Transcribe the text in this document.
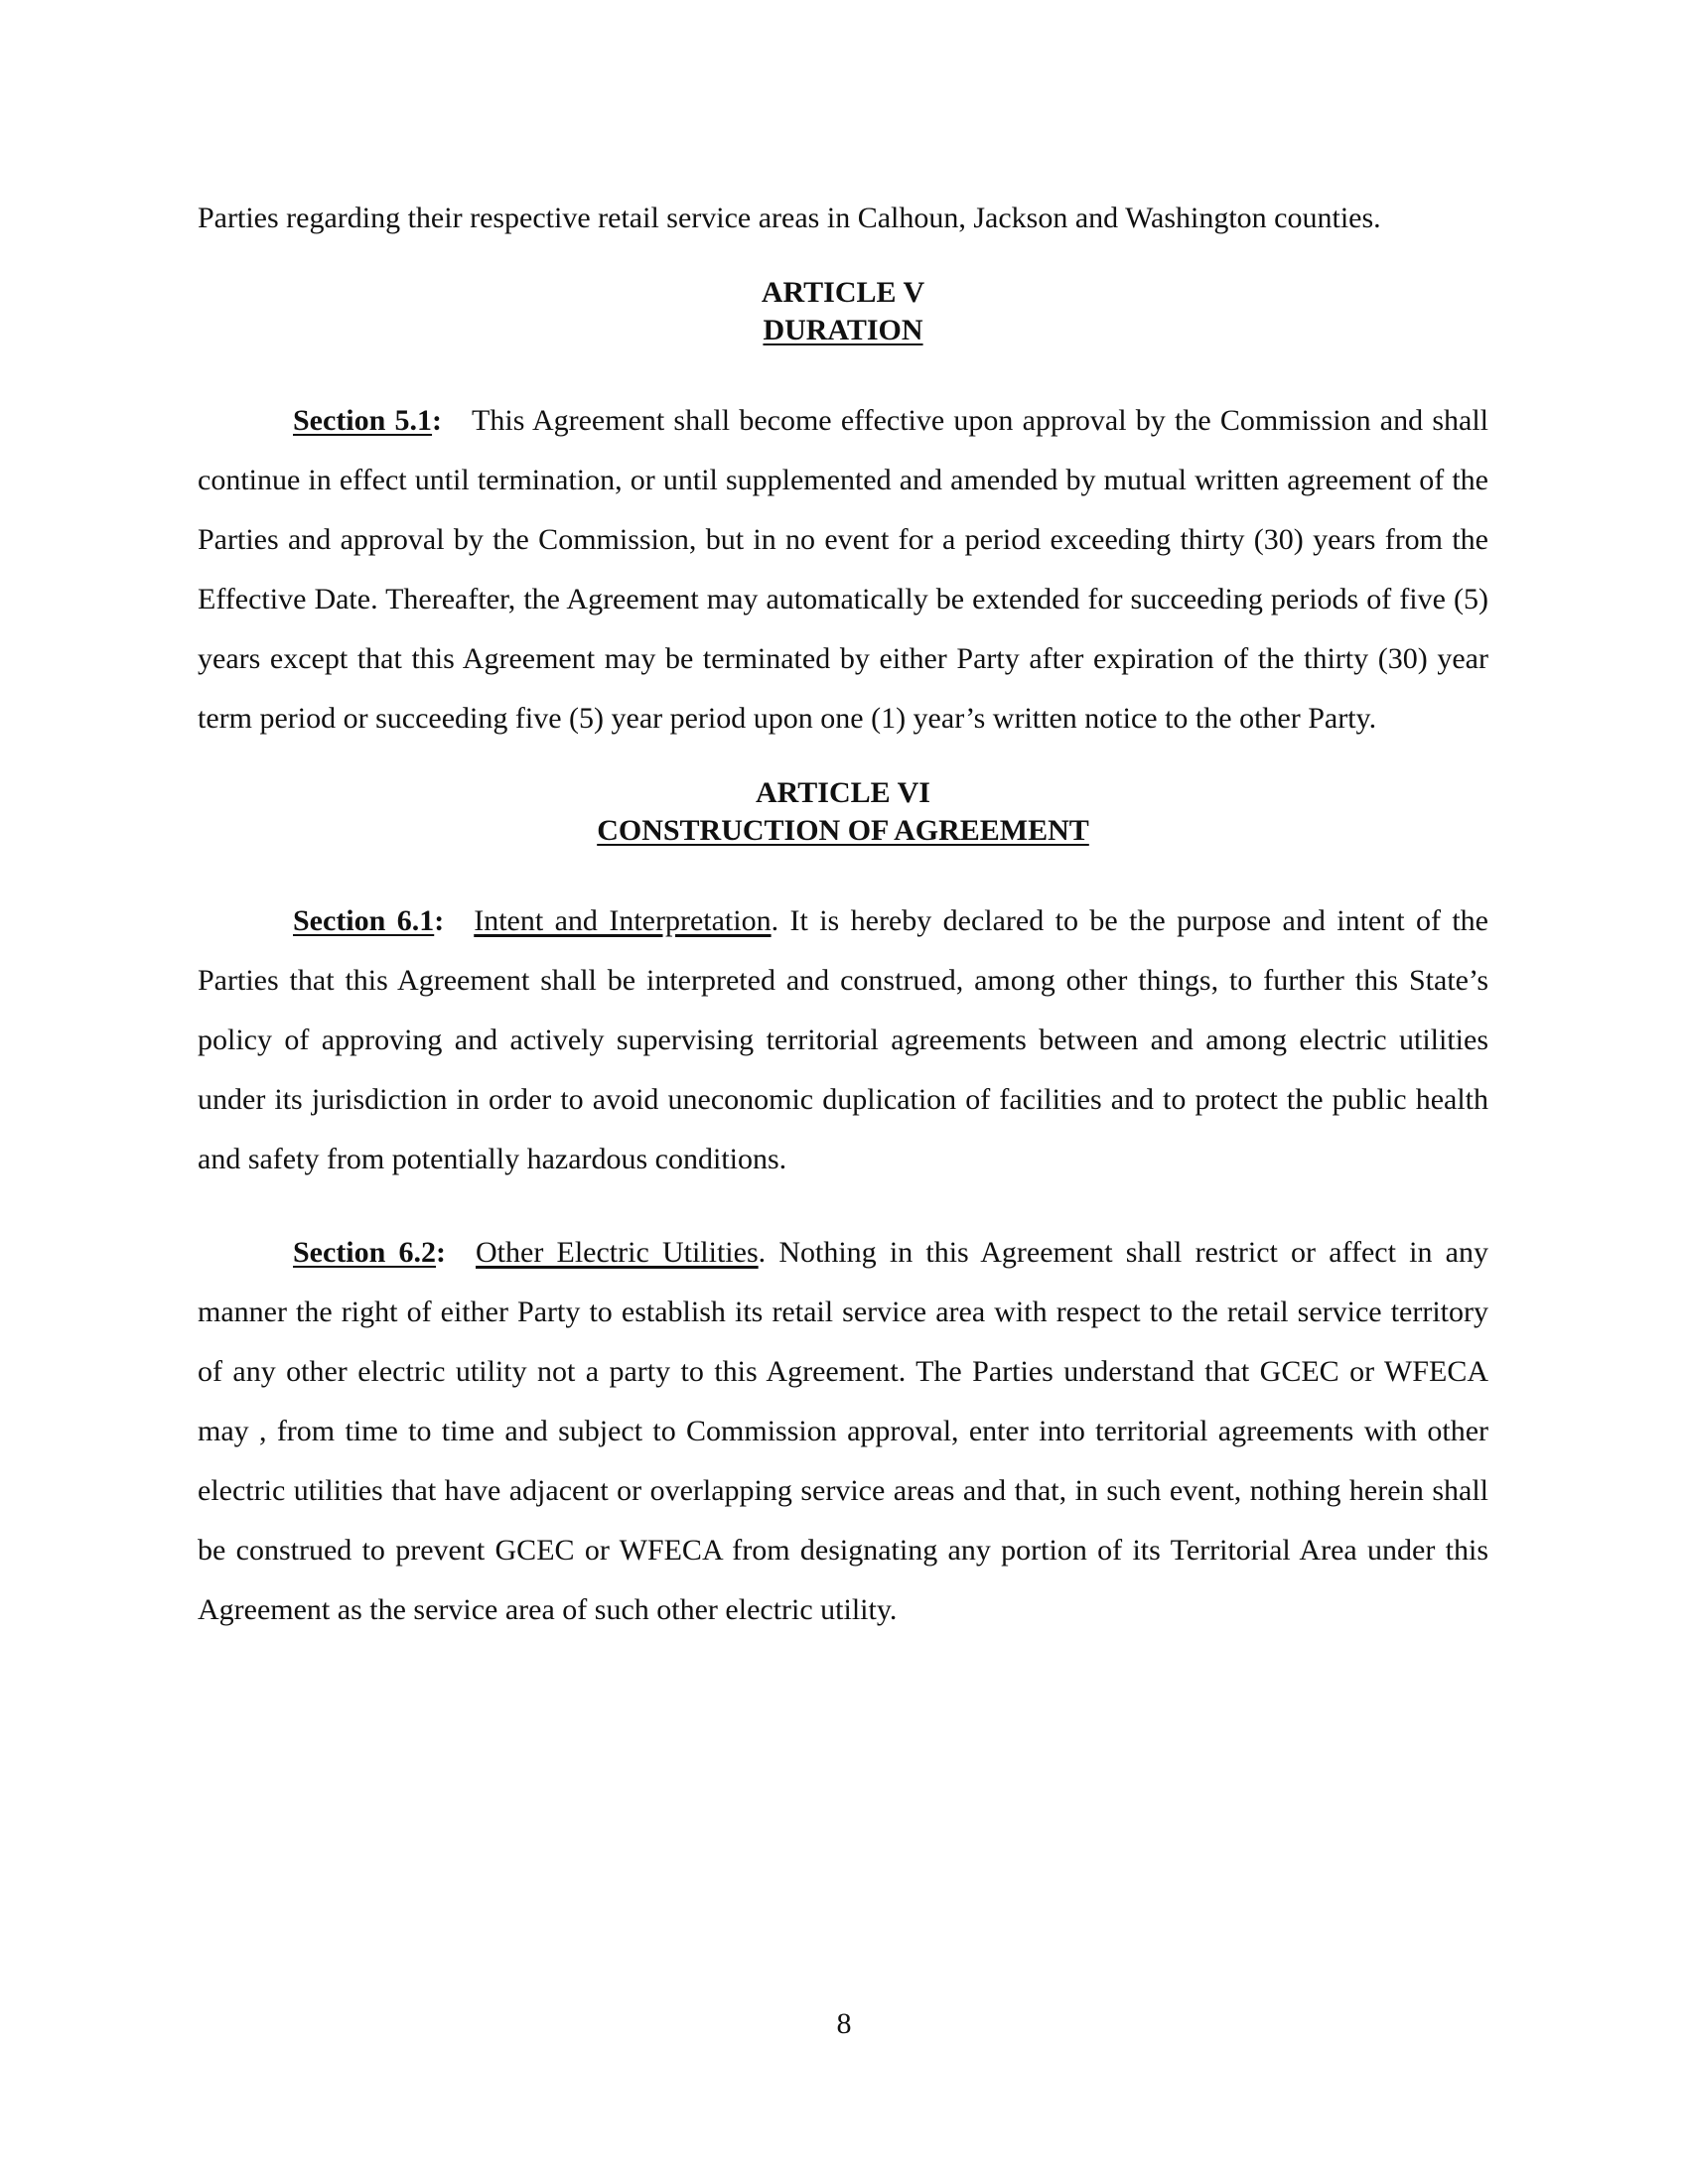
Parties regarding their respective retail service areas in Calhoun, Jackson and Washington counties.

ARTICLE V
DURATION

Section 5.1: This Agreement shall become effective upon approval by the Commission and shall continue in effect until termination, or until supplemented and amended by mutual written agreement of the Parties and approval by the Commission, but in no event for a period exceeding thirty (30) years from the Effective Date. Thereafter, the Agreement may automatically be extended for succeeding periods of five (5) years except that this Agreement may be terminated by either Party after expiration of the thirty (30) year term period or succeeding five (5) year period upon one (1) year’s written notice to the other Party.

ARTICLE VI
CONSTRUCTION OF AGREEMENT

Section 6.1: Intent and Interpretation. It is hereby declared to be the purpose and intent of the Parties that this Agreement shall be interpreted and construed, among other things, to further this State’s policy of approving and actively supervising territorial agreements between and among electric utilities under its jurisdiction in order to avoid uneconomic duplication of facilities and to protect the public health and safety from potentially hazardous conditions.

Section 6.2: Other Electric Utilities. Nothing in this Agreement shall restrict or affect in any manner the right of either Party to establish its retail service area with respect to the retail service territory of any other electric utility not a party to this Agreement. The Parties understand that GCEC or WFECA may , from time to time and subject to Commission approval, enter into territorial agreements with other electric utilities that have adjacent or overlapping service areas and that, in such event, nothing herein shall be construed to prevent GCEC or WFECA from designating any portion of its Territorial Area under this Agreement as the service area of such other electric utility.

8
